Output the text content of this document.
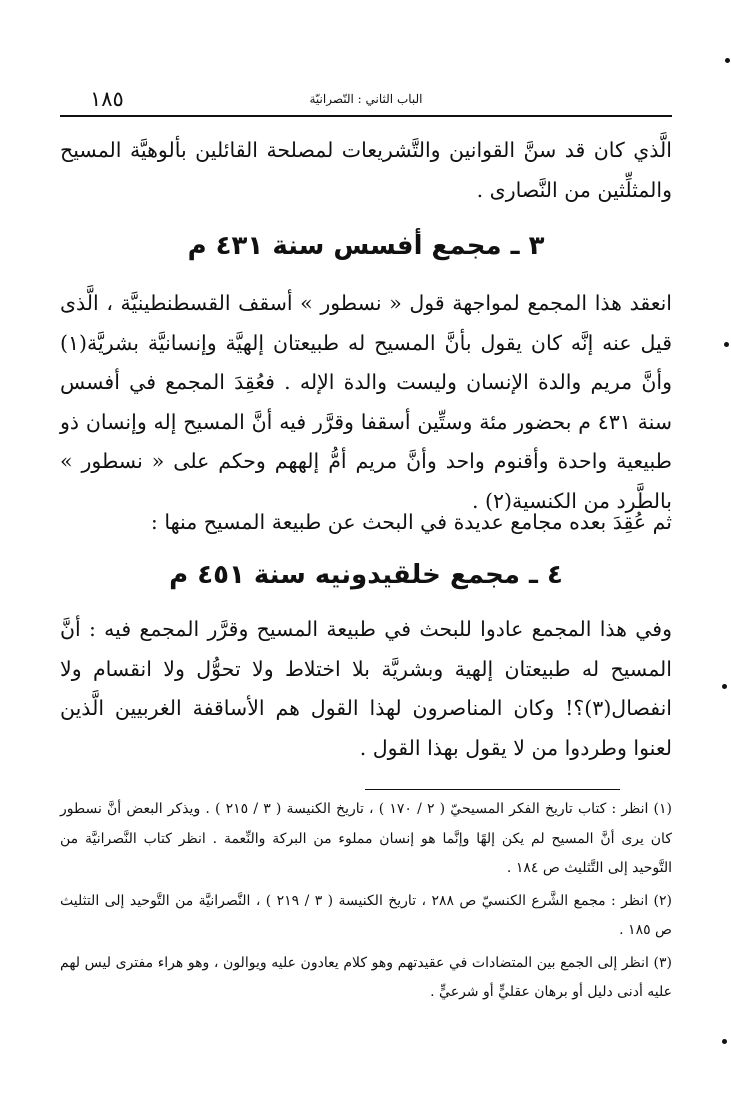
١٨٥	الباب الثاني : النّصرانيّة

الَّذي كان قد سنَّ القوانين والتَّشريعات لمصلحة القائلين بألوهيَّة المسيح والمثلِّثين من النَّصارى .

٣ ـ مجمع أفسس سنة ٤٣١ م

انعقد هذا المجمع لمواجهة قول « نسطور » أسقف القسطنطينيَّة ، الَّذى قيل عنه إنَّه كان يقول بأنَّ المسيح له طبيعتان إلهيَّة وإنسانيَّة بشريَّة(١) وأنَّ مريم والدة الإنسان وليست والدة الإله . فعُقِدَ المجمع في أفسس سنة ٤٣١ م بحضور مئة وستِّين أسقفا وقرَّر فيه أنَّ المسيح إله وإنسان ذو طبيعية واحدة وأقنوم واحد وأنَّ مريم أمُّ إلههم وحكم على « نسطور » بالطَّرد من الكنسية(٢) .

ثم عُقِدَ بعده مجامع عديدة في البحث عن طبيعة المسيح منها :

٤ ـ مجمع خلقيدونيه سنة ٤٥١ م

وفي هذا المجمع عادوا للبحث في طبيعة المسيح وقرَّر المجمع فيه : أنَّ المسيح له طبيعتان إلهية وبشريَّة بلا اختلاط ولا تحوُّل ولا انقسام ولا انفصال(٣)؟! وكان المناصرون لهذا القول هم الأساقفة الغربيين الَّذين لعنوا وطردوا من لا يقول بهذا القول .

(١) انظر : كتاب تاريخ الفكر المسيحيّ ( ٢ / ١٧٠ ) ، تاريخ الكنيسة ( ٣ / ٢١٥ ) . ويذكر البعض أنَّ نسطور كان يرى أنَّ المسيح لم يكن إلهًا وإنَّما هو إنسان مملوء من البركة والنِّعمة . انظر كتاب النَّصرانيَّة من التَّوحيد إلى التَّثليث ص ١٨٤ .

(٢) انظر : مجمع الشَّرع الكنسيّ ص ٢٨٨ ، تاريخ الكنيسة ( ٣ / ٢١٩ ) ، النَّصرانيَّة من التَّوحيد إلى التثليث ص ١٨٥ .

(٣) انظر إلى الجمع بين المتضادات في عقيدتهم وهو كلام يعادون عليه ويوالون ، وهو هراء مفترى ليس لهم عليه أدنى دليل أو برهان عقليٍّ أو شرعيٍّ .
